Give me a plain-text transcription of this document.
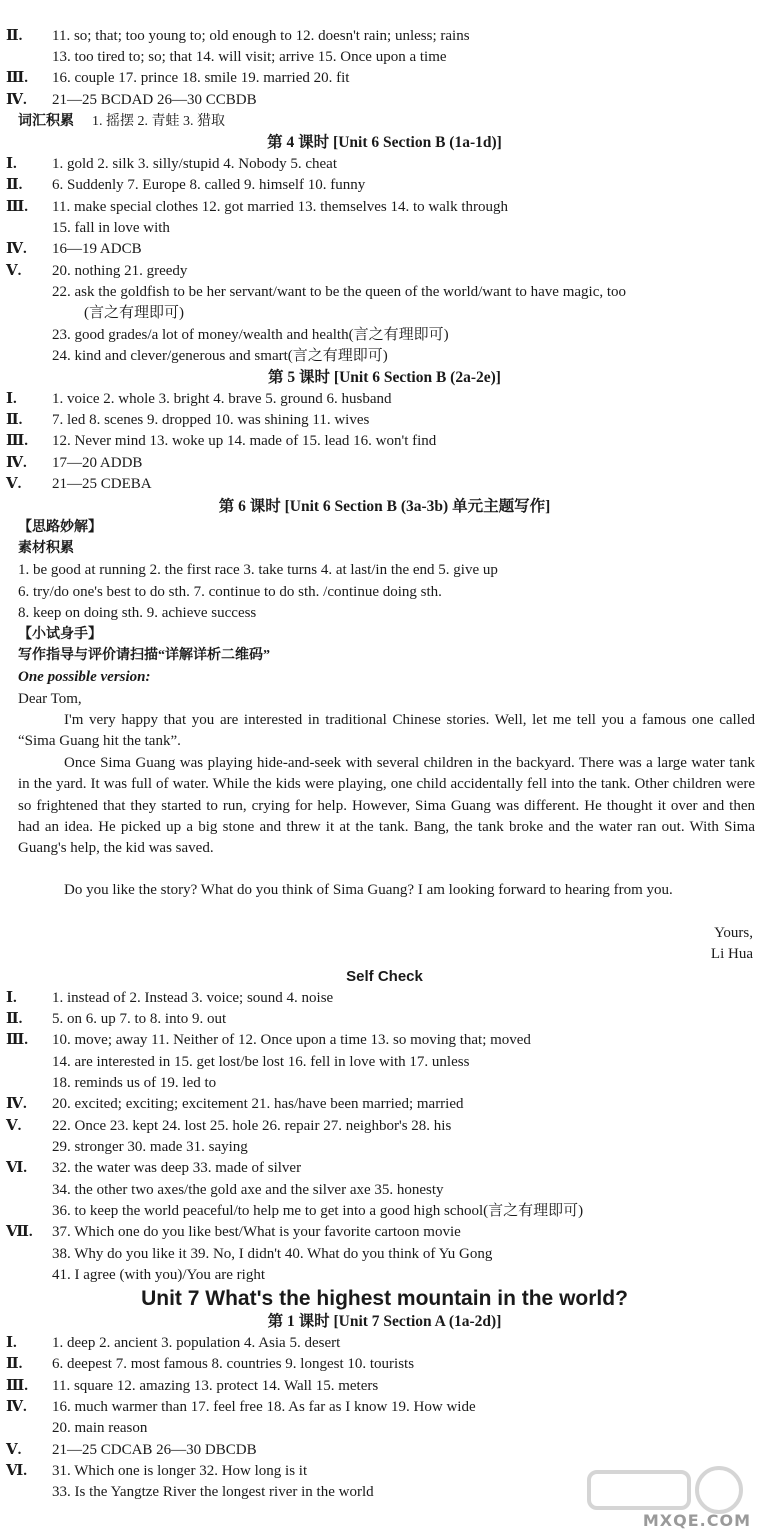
Ⅱ.	11. so; that; too young to; old enough to 12. doesn't rain; unless; rains
13. too tired to; so; that 14. will visit; arrive 15. Once upon a time
Ⅲ.	16. couple 17. prince 18. smile 19. married 20. fit
Ⅳ.	21—25 BCDAD 26—30 CCBDB
词汇积累 1. 摇摆 2. 青蛙 3. 猎取
第 4 课时 [Unit 6 Section B (1a-1d)]
Ⅰ.	1. gold 2. silk 3. silly/stupid 4. Nobody 5. cheat
Ⅱ.	6. Suddenly 7. Europe 8. called 9. himself 10. funny
Ⅲ.	11. make special clothes 12. got married 13. themselves 14. to walk through
15. fall in love with
Ⅳ.	16—19 ADCB
Ⅴ.	20. nothing 21. greedy
22. ask the goldfish to be her servant/want to be the queen of the world/want to have magic, too
(言之有理即可)
23. good grades/a lot of money/wealth and health(言之有理即可)
24. kind and clever/generous and smart(言之有理即可)
第 5 课时 [Unit 6 Section B (2a-2e)]
Ⅰ.	1. voice 2. whole 3. bright 4. brave 5. ground 6. husband
Ⅱ.	7. led 8. scenes 9. dropped 10. was shining 11. wives
Ⅲ.	12. Never mind 13. woke up 14. made of 15. lead 16. won't find
Ⅳ.	17—20 ADDB
Ⅴ.	21—25 CDEBA
第 6 课时 [Unit 6 Section B (3a-3b) 单元主题写作]
【思路妙解】
素材积累
1. be good at running 2. the first race 3. take turns 4. at last/in the end 5. give up
6. try/do one's best to do sth. 7. continue to do sth. /continue doing sth.
8. keep on doing sth. 9. achieve success
【小试身手】
写作指导与评价请扫描“详解详析二维码”
One possible version:
Dear Tom,
I'm very happy that you are interested in traditional Chinese stories. Well, let me tell you a famous one called “Sima Guang hit the tank”.
Once Sima Guang was playing hide-and-seek with several children in the backyard. There was a large water tank in the yard. It was full of water. While the kids were playing, one child accidentally fell into the tank. Other children were so frightened that they started to run, crying for help. However, Sima Guang was different. He thought it over and then had an idea. He picked up a big stone and threw it at the tank. Bang, the tank broke and the water ran out. With Sima Guang's help, the kid was saved.
Do you like the story? What do you think of Sima Guang? I am looking forward to hearing from you.
Yours,
Li Hua
Self Check
Ⅰ.	1. instead of 2. Instead 3. voice; sound 4. noise
Ⅱ.	5. on 6. up 7. to 8. into 9. out
Ⅲ.	10. move; away 11. Neither of 12. Once upon a time 13. so moving that; moved
14. are interested in 15. get lost/be lost 16. fell in love with 17. unless
18. reminds us of 19. led to
Ⅳ.	20. excited; exciting; excitement 21. has/have been married; married
Ⅴ.	22. Once 23. kept 24. lost 25. hole 26. repair 27. neighbor's 28. his
29. stronger 30. made 31. saying
Ⅵ.	32. the water was deep 33. made of silver
34. the other two axes/the gold axe and the silver axe 35. honesty
36. to keep the world peaceful/to help me to get into a good high school(言之有理即可)
Ⅶ.	37. Which one do you like best/What is your favorite cartoon movie
38. Why do you like it 39. No, I didn't 40. What do you think of Yu Gong
41. I agree (with you)/You are right
Unit 7 What's the highest mountain in the world?
第 1 课时 [Unit 7 Section A (1a-2d)]
Ⅰ.	1. deep 2. ancient 3. population 4. Asia 5. desert
Ⅱ.	6. deepest 7. most famous 8. countries 9. longest 10. tourists
Ⅲ.	11. square 12. amazing 13. protect 14. Wall 15. meters
Ⅳ.	16. much warmer than 17. feel free 18. As far as I know 19. How wide
20. main reason
Ⅴ.	21—25 CDCAB 26—30 DBCDB
Ⅵ.	31. Which one is longer 32. How long is it
33. Is the Yangtze River the longest river in the world
MXQE.COM
